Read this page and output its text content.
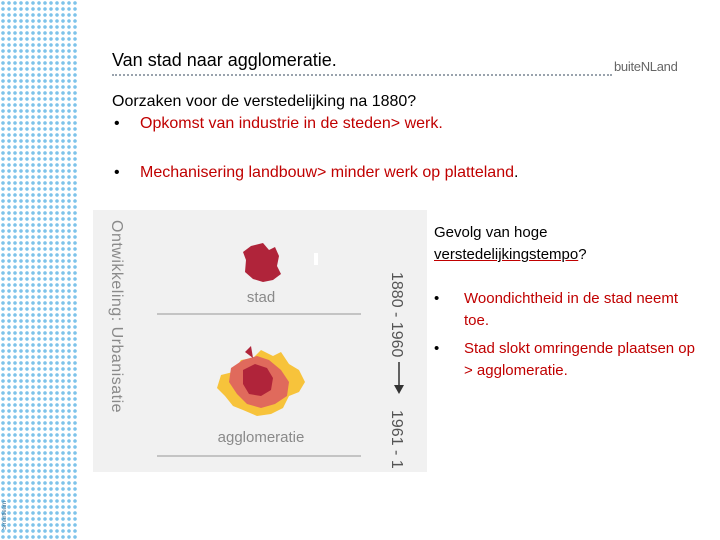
Smartlearn
Van stad naar agglomeratie.	buiteNLand
Oorzaken voor de verstedelijking na 1880?
• Opkomst van industrie in de steden> werk.
• Mechanisering landbouw> minder werk op platteland.
Ontwikkeling: Urbanisatie	stad
agglomeratie
1880 - 1960
1961 - 1
Gevolg van hoge
verstedelijkingstempo?
• Woondichtheid in de stad neemt toe.
• Stad slokt omringende plaatsen op > agglomeratie.
